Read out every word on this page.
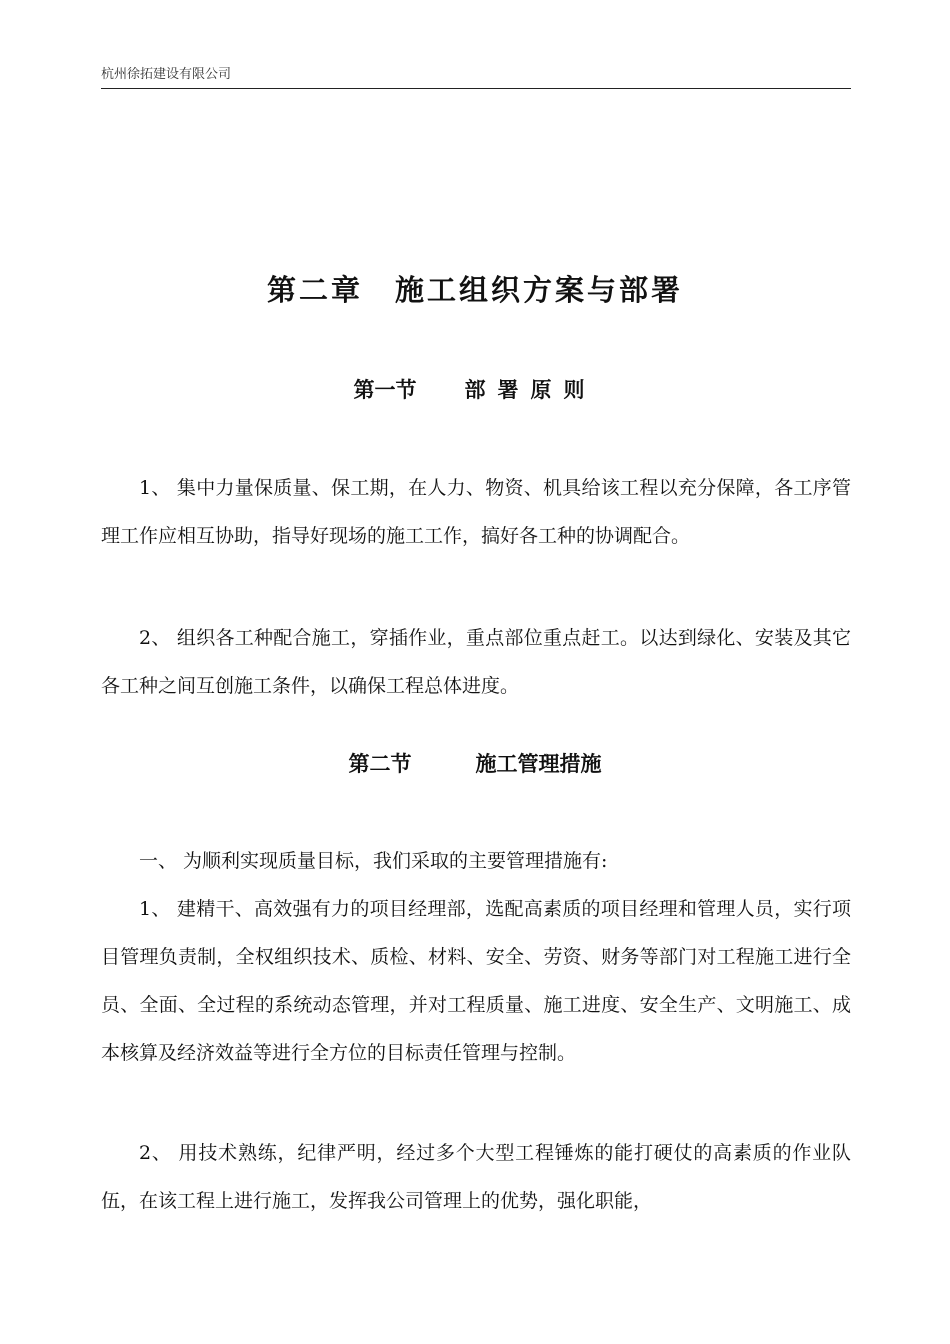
杭州徐拓建设有限公司
第二章　施工组织方案与部署
第一节 部署原则

1、 集中力量保质量、保工期，在人力、物资、机具给该工程以充分保障，各工序管理工作应相互协助，指导好现场的施工工作，搞好各工种的协调配合。

2、 组织各工种配合施工，穿插作业，重点部位重点赶工。以达到绿化、安装及其它各工种之间互创施工条件，以确保工程总体进度。

第二节	施工管理措施

一、 为顺利实现质量目标，我们采取的主要管理措施有:

1、 建精干、高效强有力的项目经理部，选配高素质的项目经理和管理人员，实行项目管理负责制，全权组织技术、质检、材料、安全、劳资、财务等部门对工程施工进行全员、全面、全过程的系统动态管理，并对工程质量、施工进度、安全生产、文明施工、成本核算及经济效益等进行全方位的目标责任管理与控制。

2、 用技术熟练，纪律严明，经过多个大型工程锤炼的能打硬仗的高素质的作业队伍，在该工程上进行施工，发挥我公司管理上的优势，强化职能，
